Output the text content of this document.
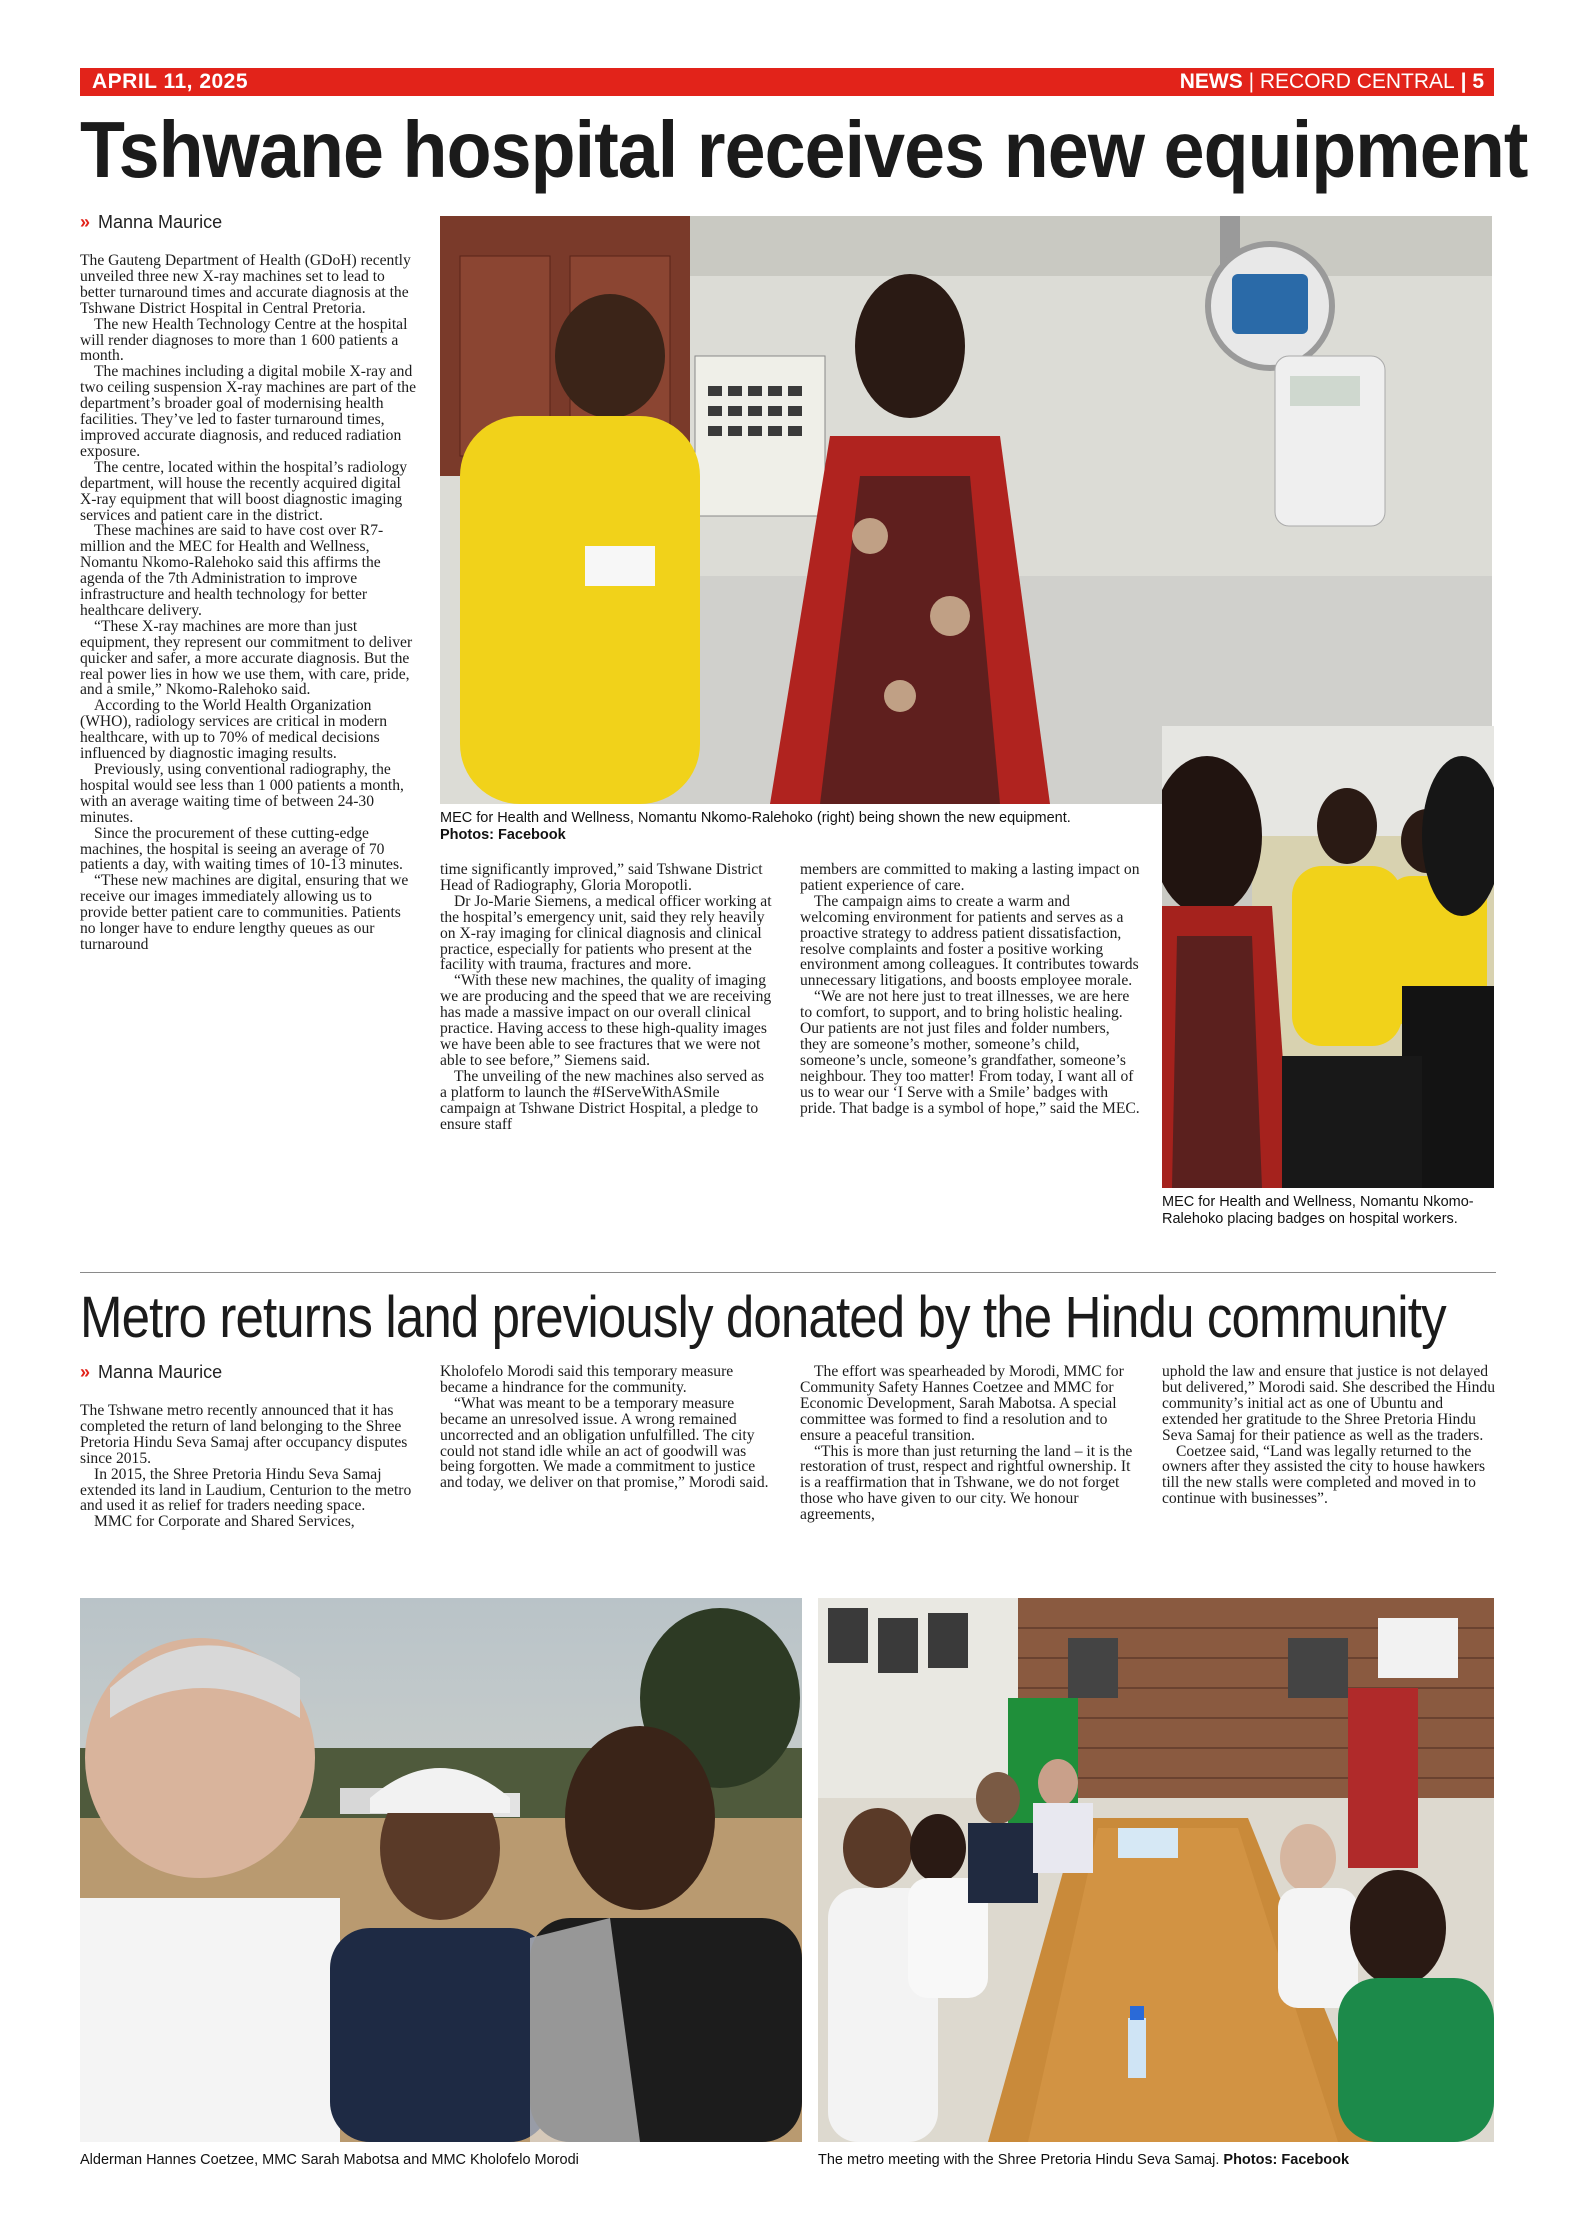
APRIL 11, 2025	NEWS | RECORD CENTRAL | 5
Tshwane hospital receives new equipment
» Manna Maurice

The Gauteng Department of Health (GDoH) recently unveiled three new X-ray machines set to lead to better turnaround times and accurate diagnosis at the Tshwane District Hospital in Central Pretoria.

The new Health Technology Centre at the hospital will render diagnoses to more than 1 600 patients a month.

The machines including a digital mobile X-ray and two ceiling suspension X-ray machines are part of the department’s broader goal of modernising health facilities. They’ve led to faster turnaround times, improved accurate diagnosis, and reduced radiation exposure.

The centre, located within the hospital’s radiology department, will house the recently acquired digital X-ray equipment that will boost diagnostic imaging services and patient care in the district.

These machines are said to have cost over R7-million and the MEC for Health and Wellness, Nomantu Nkomo-Ralehoko said this affirms the agenda of the 7th Administration to improve infrastructure and health technology for better healthcare delivery.

“These X-ray machines are more than just equipment, they represent our commitment to deliver quicker and safer, a more accurate diagnosis. But the real power lies in how we use them, with care, pride, and a smile,” Nkomo-Ralehoko said.

According to the World Health Organization (WHO), radiology services are critical in modern healthcare, with up to 70% of medical decisions influenced by diagnostic imaging results.

Previously, using conventional radiography, the hospital would see less than 1 000 patients a month, with an average waiting time of between 24-30 minutes.

Since the procurement of these cutting-edge machines, the hospital is seeing an average of 70 patients a day, with waiting times of 10-13 minutes.

“These new machines are digital, ensuring that we receive our images immediately allowing us to provide better patient care to communities. Patients no longer have to endure lengthy queues as our turnaround

time significantly improved,” said Tshwane District Head of Radiography, Gloria Moropotli.

Dr Jo-Marie Siemens, a medical officer working at the hospital’s emergency unit, said they rely heavily on X-ray imaging for clinical diagnosis and clinical practice, especially for patients who present at the facility with trauma, fractures and more.

“With these new machines, the quality of imaging we are producing and the speed that we are receiving has made a massive impact on our overall clinical practice. Having access to these high-quality images we have been able to see fractures that we were not able to see before,” Siemens said.

The unveiling of the new machines also served as a platform to launch the #IServeWithASmile campaign at Tshwane District Hospital, a pledge to ensure staff

members are committed to making a lasting impact on patient experience of care.

The campaign aims to create a warm and welcoming environment for patients and serves as a proactive strategy to address patient dissatisfaction, resolve complaints and foster a positive working environment among colleagues. It contributes towards unnecessary litigations, and boosts employee morale.

“We are not here just to treat illnesses, we are here to comfort, to support, and to bring holistic healing. Our patients are not just files and folder numbers, they are someone’s mother, someone’s child, someone’s uncle, someone’s grandfather, someone’s neighbour. They too matter! From today, I want all of us to wear our ‘I Serve with a Smile’ badges with pride. That badge is a symbol of hope,” said the MEC.

MEC for Health and Wellness, Nomantu Nkomo-Ralehoko (right) being shown the new equipment. Photos: Facebook
MEC for Health and Wellness, Nomantu Nkomo-Ralehoko placing badges on hospital workers.
Metro returns land previously donated by the Hindu community
» Manna Maurice

The Tshwane metro recently announced that it has completed the return of land belonging to the Shree Pretoria Hindu Seva Samaj after occupancy disputes since 2015.

In 2015, the Shree Pretoria Hindu Seva Samaj extended its land in Laudium, Centurion to the metro and used it as relief for traders needing space.

MMC for Corporate and Shared Services,

Kholofelo Morodi said this temporary measure became a hindrance for the community.

“What was meant to be a temporary measure became an unresolved issue. A wrong remained uncorrected and an obligation unfulfilled. The city could not stand idle while an act of goodwill was being forgotten. We made a commitment to justice and today, we deliver on that promise,” Morodi said.

The effort was spearheaded by Morodi, MMC for Community Safety Hannes Coetzee and MMC for Economic Development, Sarah Mabotsa. A special committee was formed to find a resolution and to ensure a peaceful transition.

“This is more than just returning the land – it is the restoration of trust, respect and rightful ownership. It is a reaffirmation that in Tshwane, we do not forget those who have given to our city. We honour agreements,

uphold the law and ensure that justice is not delayed but delivered,” Morodi said. She described the Hindu community’s initial act as one of Ubuntu and extended her gratitude to the Shree Pretoria Hindu Seva Samaj for their patience as well as the traders.

Coetzee said, “Land was legally returned to the owners after they assisted the city to house hawkers till the new stalls were completed and moved in to continue with businesses”.

Alderman Hannes Coetzee, MMC Sarah Mabotsa and MMC Kholofelo Morodi	The metro meeting with the Shree Pretoria Hindu Seva Samaj. Photos: Facebook
